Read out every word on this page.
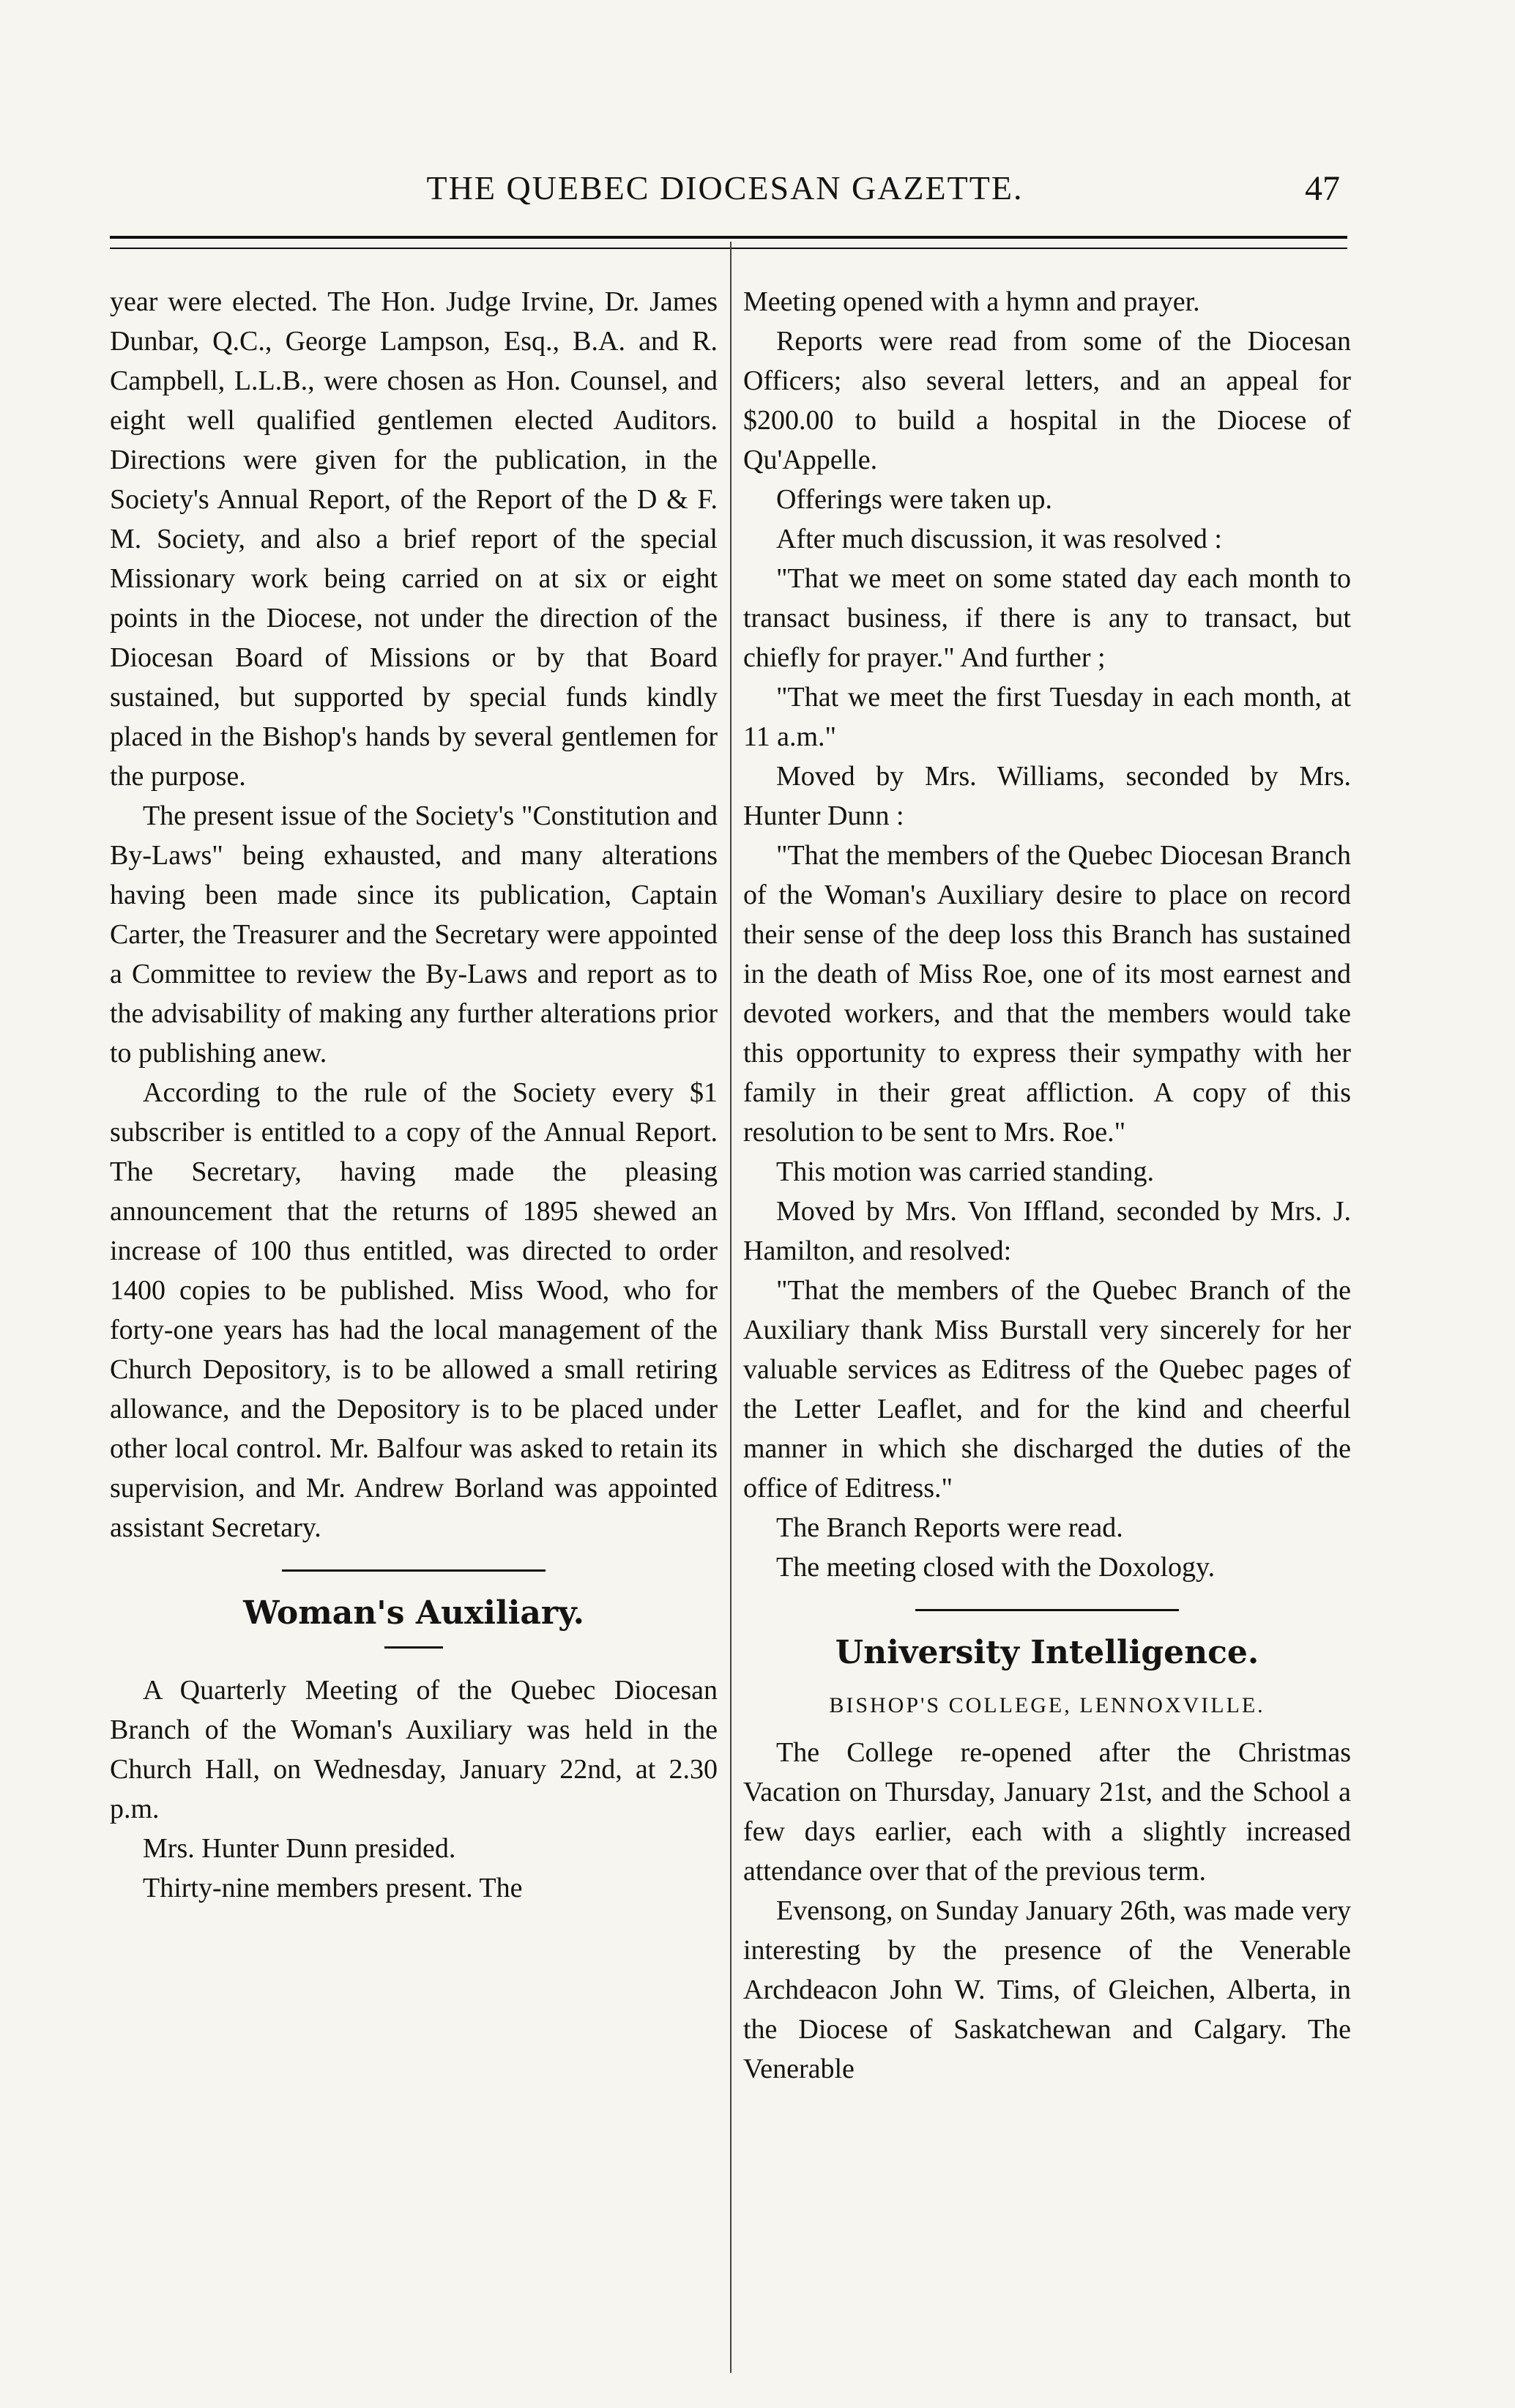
THE QUEBEC DIOCESAN GAZETTE.	47

year were elected. The Hon. Judge Irvine, Dr. James Dunbar, Q.C., George Lampson, Esq., B.A. and R. Campbell, L.L.B., were chosen as Hon. Counsel, and eight well qualified gentlemen elected Auditors. Directions were given for the publication, in the Society's Annual Report, of the Report of the D & F. M. Society, and also a brief report of the special Missionary work being carried on at six or eight points in the Diocese, not under the direction of the Diocesan Board of Missions or by that Board sustained, but supported by special funds kindly placed in the Bishop's hands by several gentlemen for the purpose.

The present issue of the Society's "Constitution and By-Laws" being exhausted, and many alterations having been made since its publication, Captain Carter, the Treasurer and the Secretary were appointed a Committee to review the By-Laws and report as to the advisability of making any further alterations prior to publishing anew.

According to the rule of the Society every $1 subscriber is entitled to a copy of the Annual Report. The Secretary, having made the pleasing announcement that the returns of 1895 shewed an increase of 100 thus entitled, was directed to order 1400 copies to be published. Miss Wood, who for forty-one years has had the local management of the Church Depository, is to be allowed a small retiring allowance, and the Depository is to be placed under other local control. Mr. Balfour was asked to retain its supervision, and Mr. Andrew Borland was appointed assistant Secretary.

Woman's Auxiliary.

A Quarterly Meeting of the Quebec Diocesan Branch of the Woman's Auxiliary was held in the Church Hall, on Wednesday, January 22nd, at 2.30 p.m.

Mrs. Hunter Dunn presided.

Thirty-nine members present. The

Meeting opened with a hymn and prayer.

Reports were read from some of the Diocesan Officers; also several letters, and an appeal for $200.00 to build a hospital in the Diocese of Qu'Appelle.

Offerings were taken up.

After much discussion, it was resolved :

"That we meet on some stated day each month to transact business, if there is any to transact, but chiefly for prayer." And further ;

"That we meet the first Tuesday in each month, at 11 a.m."

Moved by Mrs. Williams, seconded by Mrs. Hunter Dunn :

"That the members of the Quebec Diocesan Branch of the Woman's Auxiliary desire to place on record their sense of the deep loss this Branch has sustained in the death of Miss Roe, one of its most earnest and devoted workers, and that the members would take this opportunity to express their sympathy with her family in their great affliction. A copy of this resolution to be sent to Mrs. Roe."

This motion was carried standing.

Moved by Mrs. Von Iffland, seconded by Mrs. J. Hamilton, and resolved:

"That the members of the Quebec Branch of the Auxiliary thank Miss Burstall very sincerely for her valuable services as Editress of the Quebec pages of the Letter Leaflet, and for the kind and cheerful manner in which she discharged the duties of the office of Editress."

The Branch Reports were read.

The meeting closed with the Doxology.

University Intelligence.
BISHOP'S COLLEGE, LENNOXVILLE.

The College re-opened after the Christmas Vacation on Thursday, January 21st, and the School a few days earlier, each with a slightly increased attendance over that of the previous term.

Evensong, on Sunday January 26th, was made very interesting by the presence of the Venerable Archdeacon John W. Tims, of Gleichen, Alberta, in the Diocese of Saskatchewan and Calgary. The Venerable
